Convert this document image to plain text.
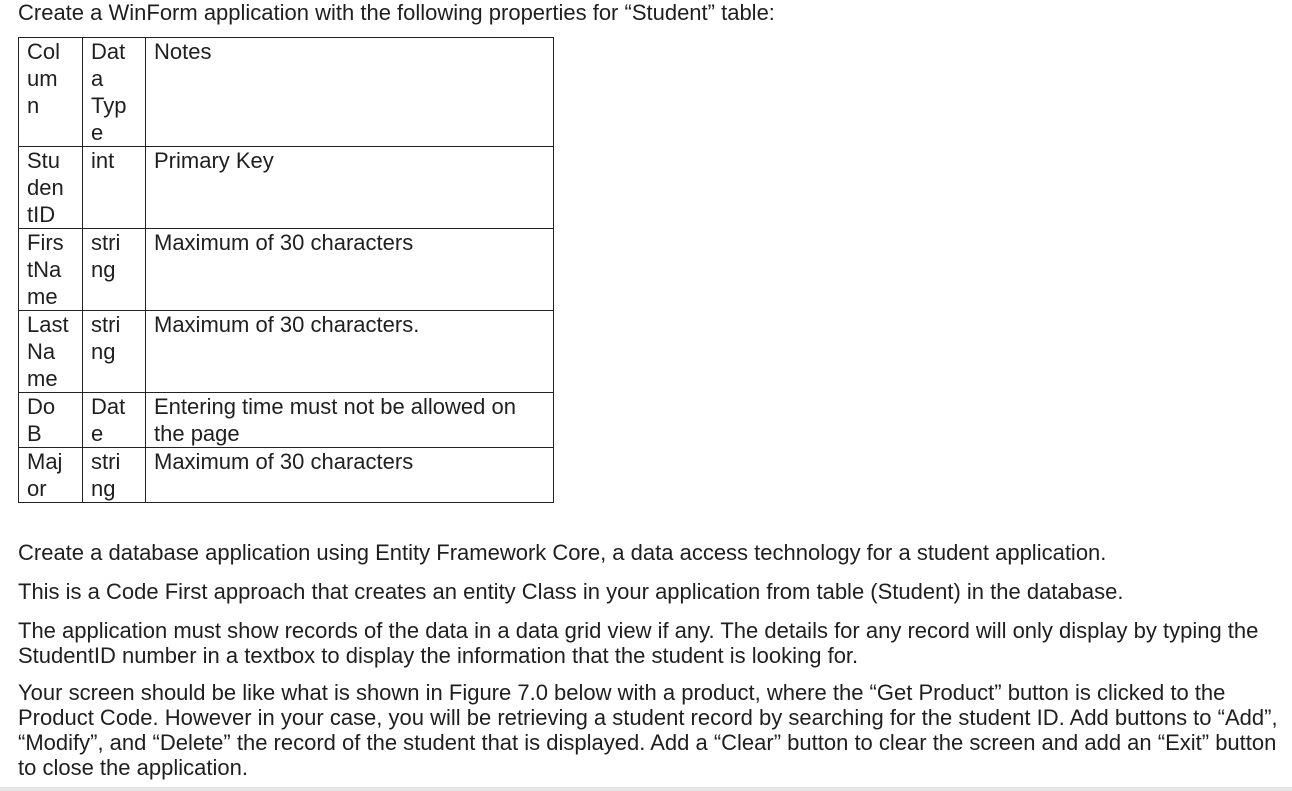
Create a WinForm application with the following properties for “Student” table:
Col
um
n	Dat
a
Typ
e	Notes

Stu
den
tID	int	Primary Key

Firs
tNa
me	stri
ng	Maximum of 30 characters

Last
Na
me	stri
ng	Maximum of 30 characters.

Do
B	Dat
e	Entering time must not be allowed on
the page

Maj
or	stri
ng	Maximum of 30 characters
Create a database application using Entity Framework Core, a data access technology for a student application.
This is a Code First approach that creates an entity Class in your application from table (Student) in the database.
The application must show records of the data in a data grid view if any. The details for any record will only display by typing the StudentID number in a textbox to display the information that the student is looking for.
Your screen should be like what is shown in Figure 7.0 below with a product, where the “Get Product” button is clicked to the Product Code. However in your case, you will be retrieving a student record by searching for the student ID. Add buttons to “Add”, “Modify”, and “Delete” the record of the student that is displayed. Add a “Clear” button to clear the screen and add an “Exit” button to close the application.
